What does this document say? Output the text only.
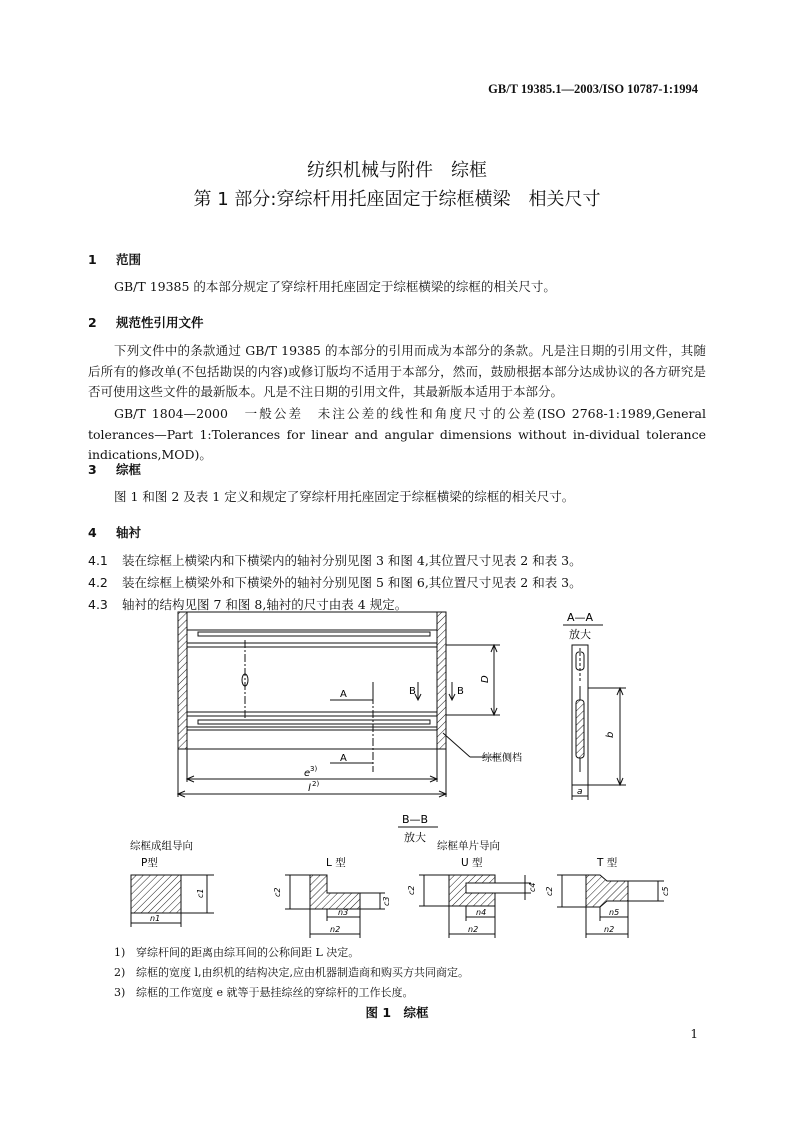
GB/T 19385.1—2003/ISO 10787-1:1994
纺织机械与附件　综框
第 1 部分:穿综杆用托座固定于综框横梁　相关尺寸
1 范围
GB/T 19385 的本部分规定了穿综杆用托座固定于综框横梁的综框的相关尺寸。
2 规范性引用文件
下列文件中的条款通过 GB/T 19385 的本部分的引用而成为本部分的条款。凡是注日期的引用文件，其随后所有的修改单(不包括勘误的内容)或修订版均不适用于本部分，然而，鼓励根据本部分达成协议的各方研究是否可使用这些文件的最新版本。凡是不注日期的引用文件，其最新版本适用于本部分。
GB/T 1804—2000　一般公差　未注公差的线性和角度尺寸的公差(ISO 2768-1:1989,General tolerances—Part 1:Tolerances for linear and angular dimensions without in-dividual tolerance indications,MOD)。
3 综框
图 1 和图 2 及表 1 定义和规定了穿综杆用托座固定于综框横梁的综框的相关尺寸。
4 轴衬
4.1 装在综框上横梁内和下横梁内的轴衬分别见图 3 和图 4,其位置尺寸见表 2 和表 3。
4.2 装在综框上横梁外和下横梁外的轴衬分别见图 5 和图 6,其位置尺寸见表 2 和表 3。
4.3 轴衬的结构见图 7 和图 8,轴衬的尺寸由表 4 规定。
A
A
B	B
D
e 3)
l 2)
综框侧档
A—A
放大
b
a
B—B
放大
综框成组导向	综框单片导向
P型
c1
n1
L 型
c2
c3
n3
n2
U 型
c2	c4
n4
n2
T 型
c2	c5
n5
n2
1) 穿综杆间的距离由综耳间的公称间距 L 决定。
2) 综框的宽度 l,由织机的结构决定,应由机器制造商和购买方共同商定。
3) 综框的工作宽度 e 就等于悬挂综丝的穿综杆的工作长度。
图 1　综框
1
